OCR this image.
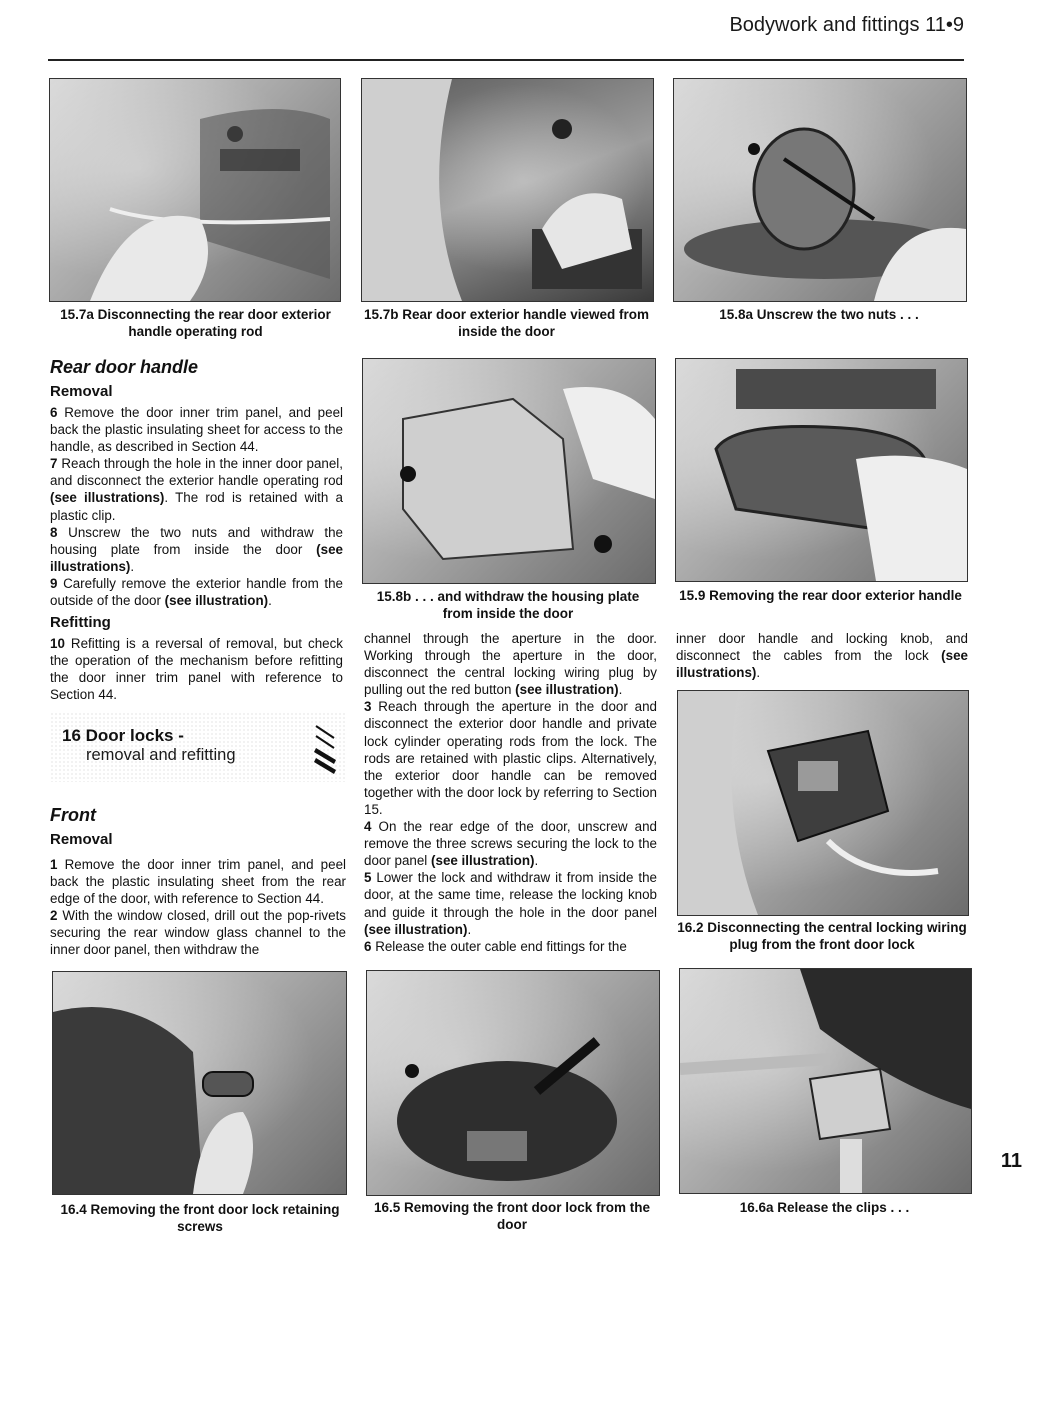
Bodywork and fittings 11•9
15.7a Disconnecting the rear door exterior handle operating rod
15.7b Rear door exterior handle viewed from inside the door
15.8a Unscrew the two nuts . . .
Rear door handle
Removal

6 Remove the door inner trim panel, and peel back the plastic insulating sheet for access to the handle, as described in Section 44.

7 Reach through the hole in the inner door panel, and disconnect the exterior handle operating rod (see illustrations). The rod is retained with a plastic clip.

8 Unscrew the two nuts and withdraw the housing plate from inside the door (see illustrations).

9 Carefully remove the exterior handle from the outside of the door (see illustration).

Refitting

10 Refitting is a reversal of removal, but check the operation of the mechanism before refitting the door inner trim panel with reference to Section 44.

16 Door locks -
removal and refitting
Front
Removal

1 Remove the door inner trim panel, and peel back the plastic insulating sheet from the rear edge of the door, with reference to Section 44.

2 With the window closed, drill out the pop-rivets securing the rear window glass channel to the inner door panel, then withdraw the

15.8b . . . and withdraw the housing plate from inside the door
15.9 Removing the rear door exterior handle

channel through the aperture in the door. Working through the aperture in the door, disconnect the central locking wiring plug by pulling out the red button (see illustration).

3 Reach through the aperture in the door and disconnect the exterior door handle and private lock cylinder operating rods from the lock. The rods are retained with plastic clips. Alternatively, the exterior door handle can be removed together with the door lock by referring to Section 15.

4 On the rear edge of the door, unscrew and remove the three screws securing the lock to the door panel (see illustration).

5 Lower the lock and withdraw it from inside the door, at the same time, release the locking knob and guide it through the hole in the door panel (see illustration).

6 Release the outer cable end fittings for the

inner door handle and locking knob, and disconnect the cables from the lock (see illustrations).

16.2 Disconnecting the central locking wiring plug from the front door lock
16.4 Removing the front door lock retaining screws
16.5 Removing the front door lock from the door
16.6a Release the clips . . .
11
